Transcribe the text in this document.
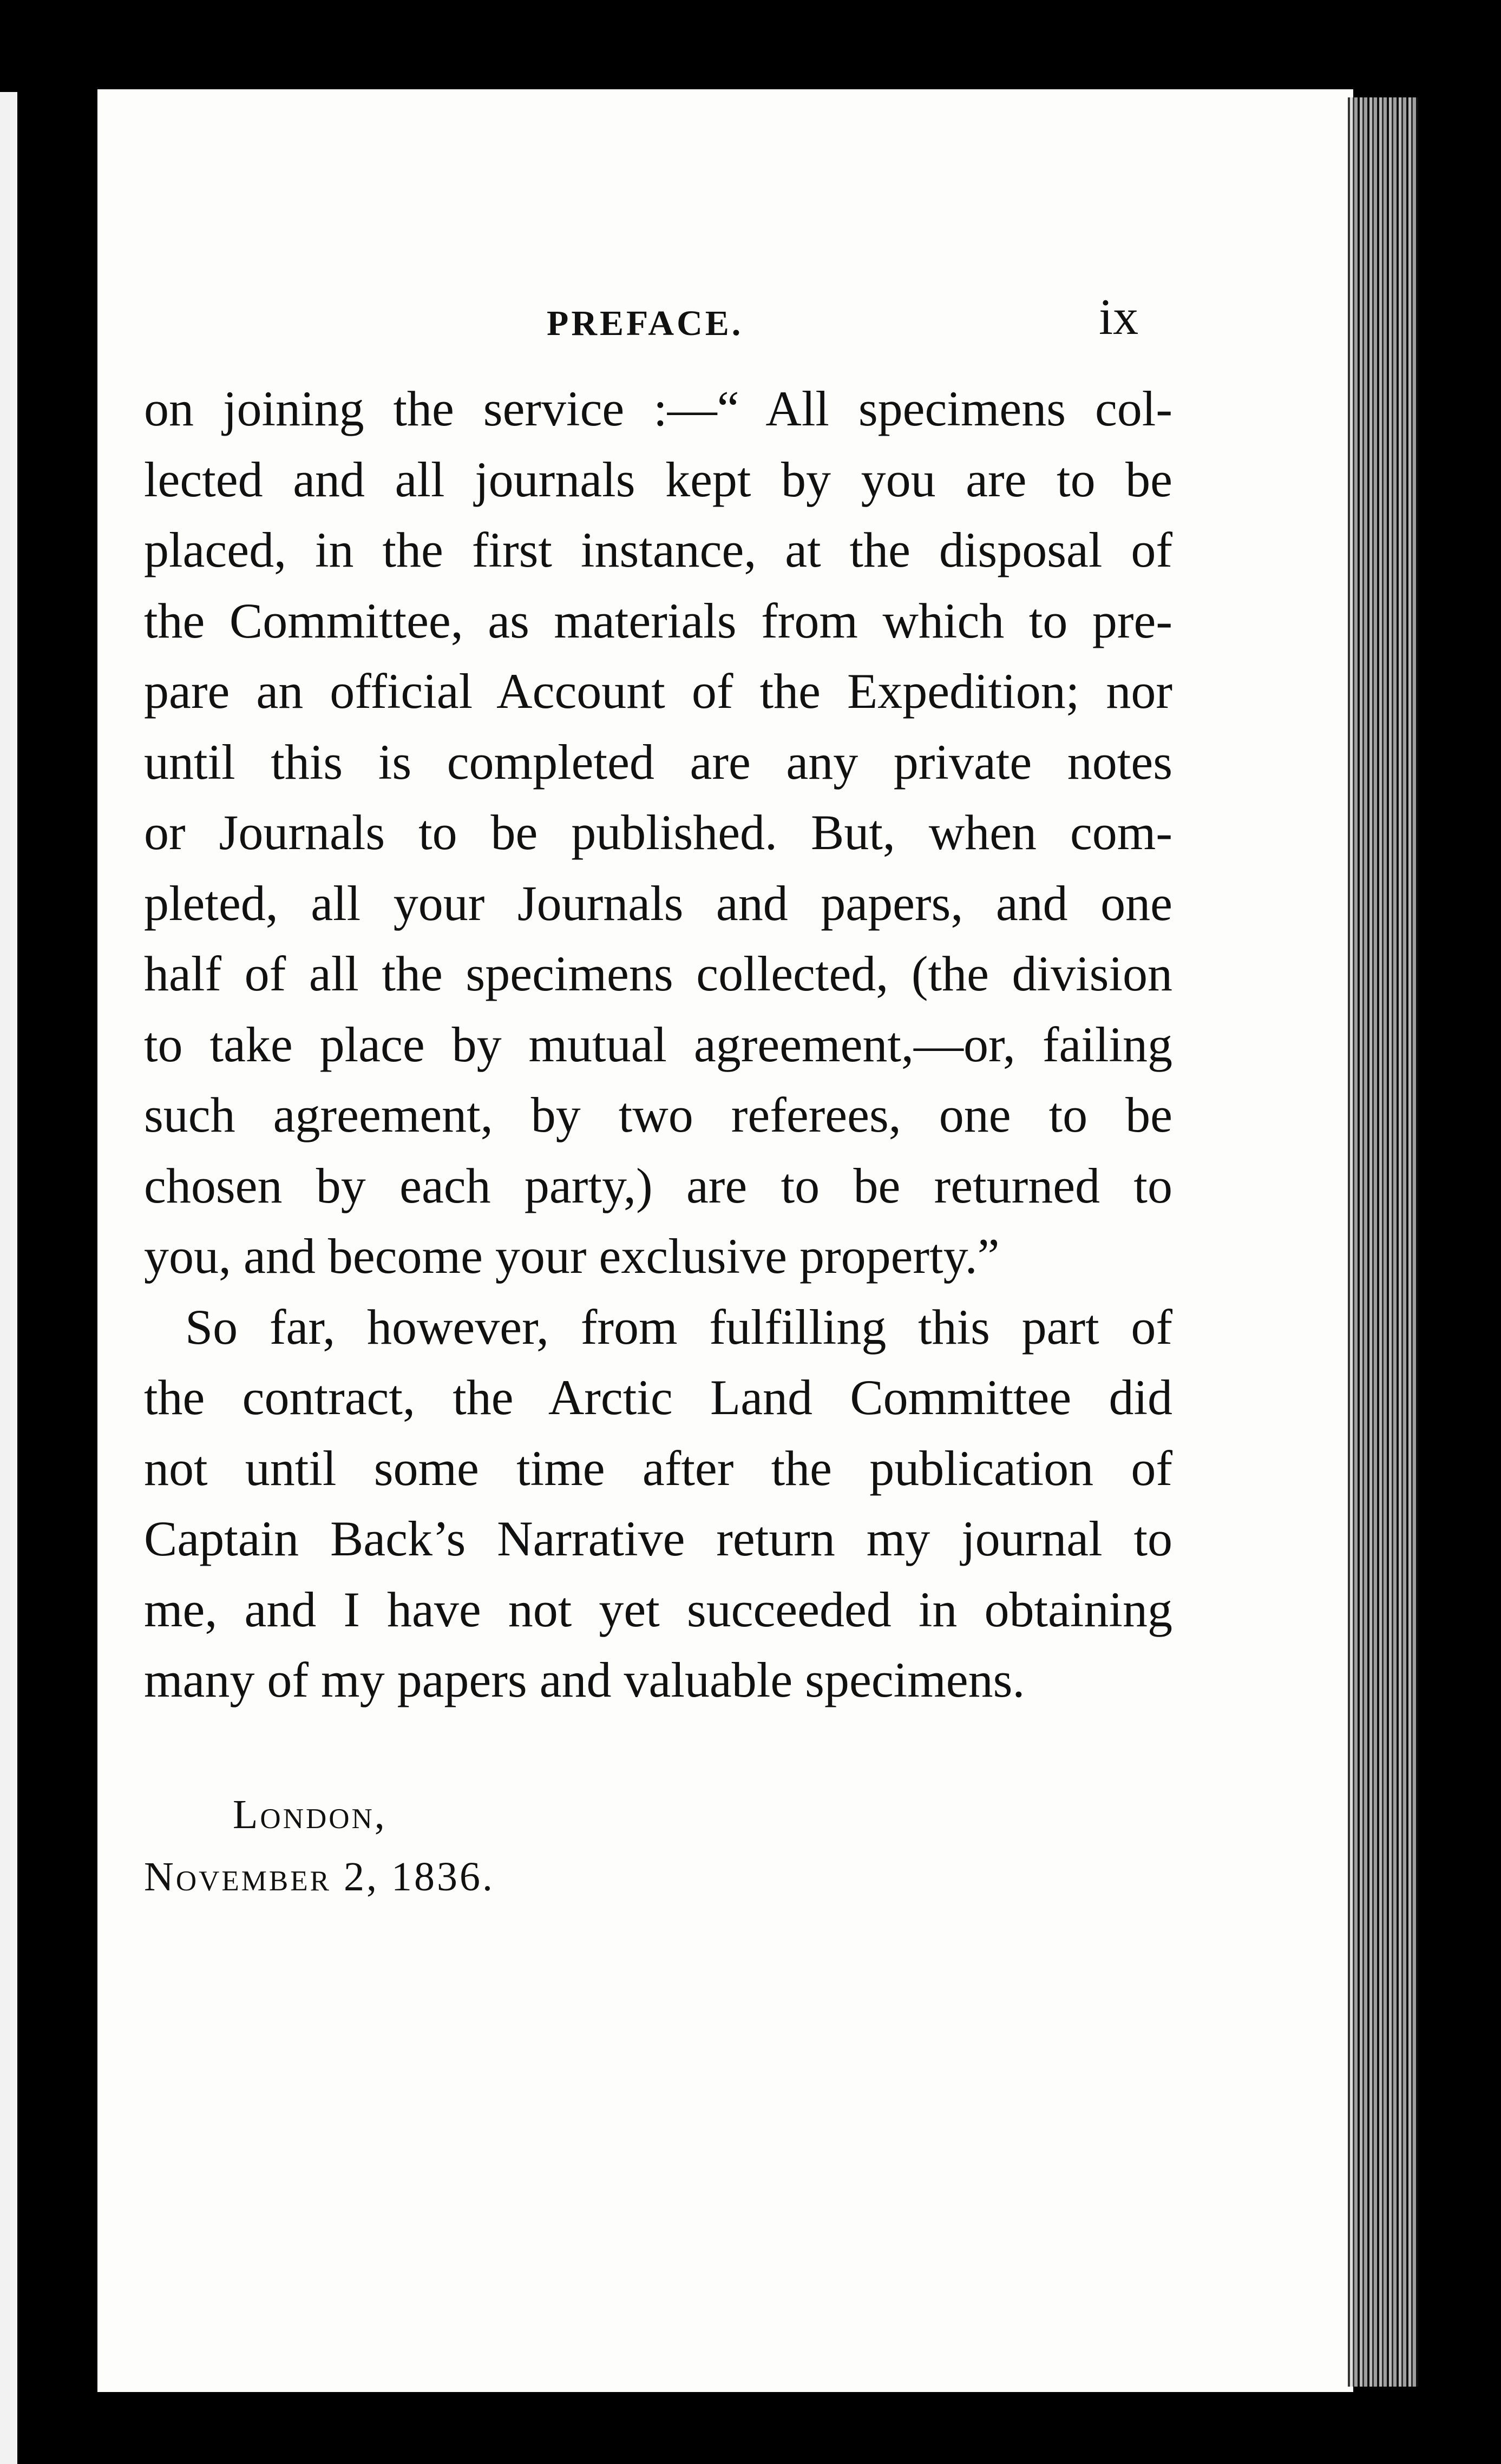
PREFACE.	ix
on joining the service :—“ All specimens col-
lected and all journals kept by you are to be
placed, in the first instance, at the disposal of
the Committee, as materials from which to pre-
pare an official Account of the Expedition; nor
until this is completed are any private notes
or Journals to be published. But, when com-
pleted, all your Journals and papers, and one
half of all the specimens collected, (the division
to take place by mutual agreement,—or, failing
such agreement, by two referees, one to be
chosen by each party,) are to be returned to
you, and become your exclusive property.”
So far, however, from fulfilling this part of
the contract, the Arctic Land Committee did
not until some time after the publication of
Captain Back’s Narrative return my journal to
me, and I have not yet succeeded in obtaining
many of my papers and valuable specimens.
London,
November 2, 1836.
